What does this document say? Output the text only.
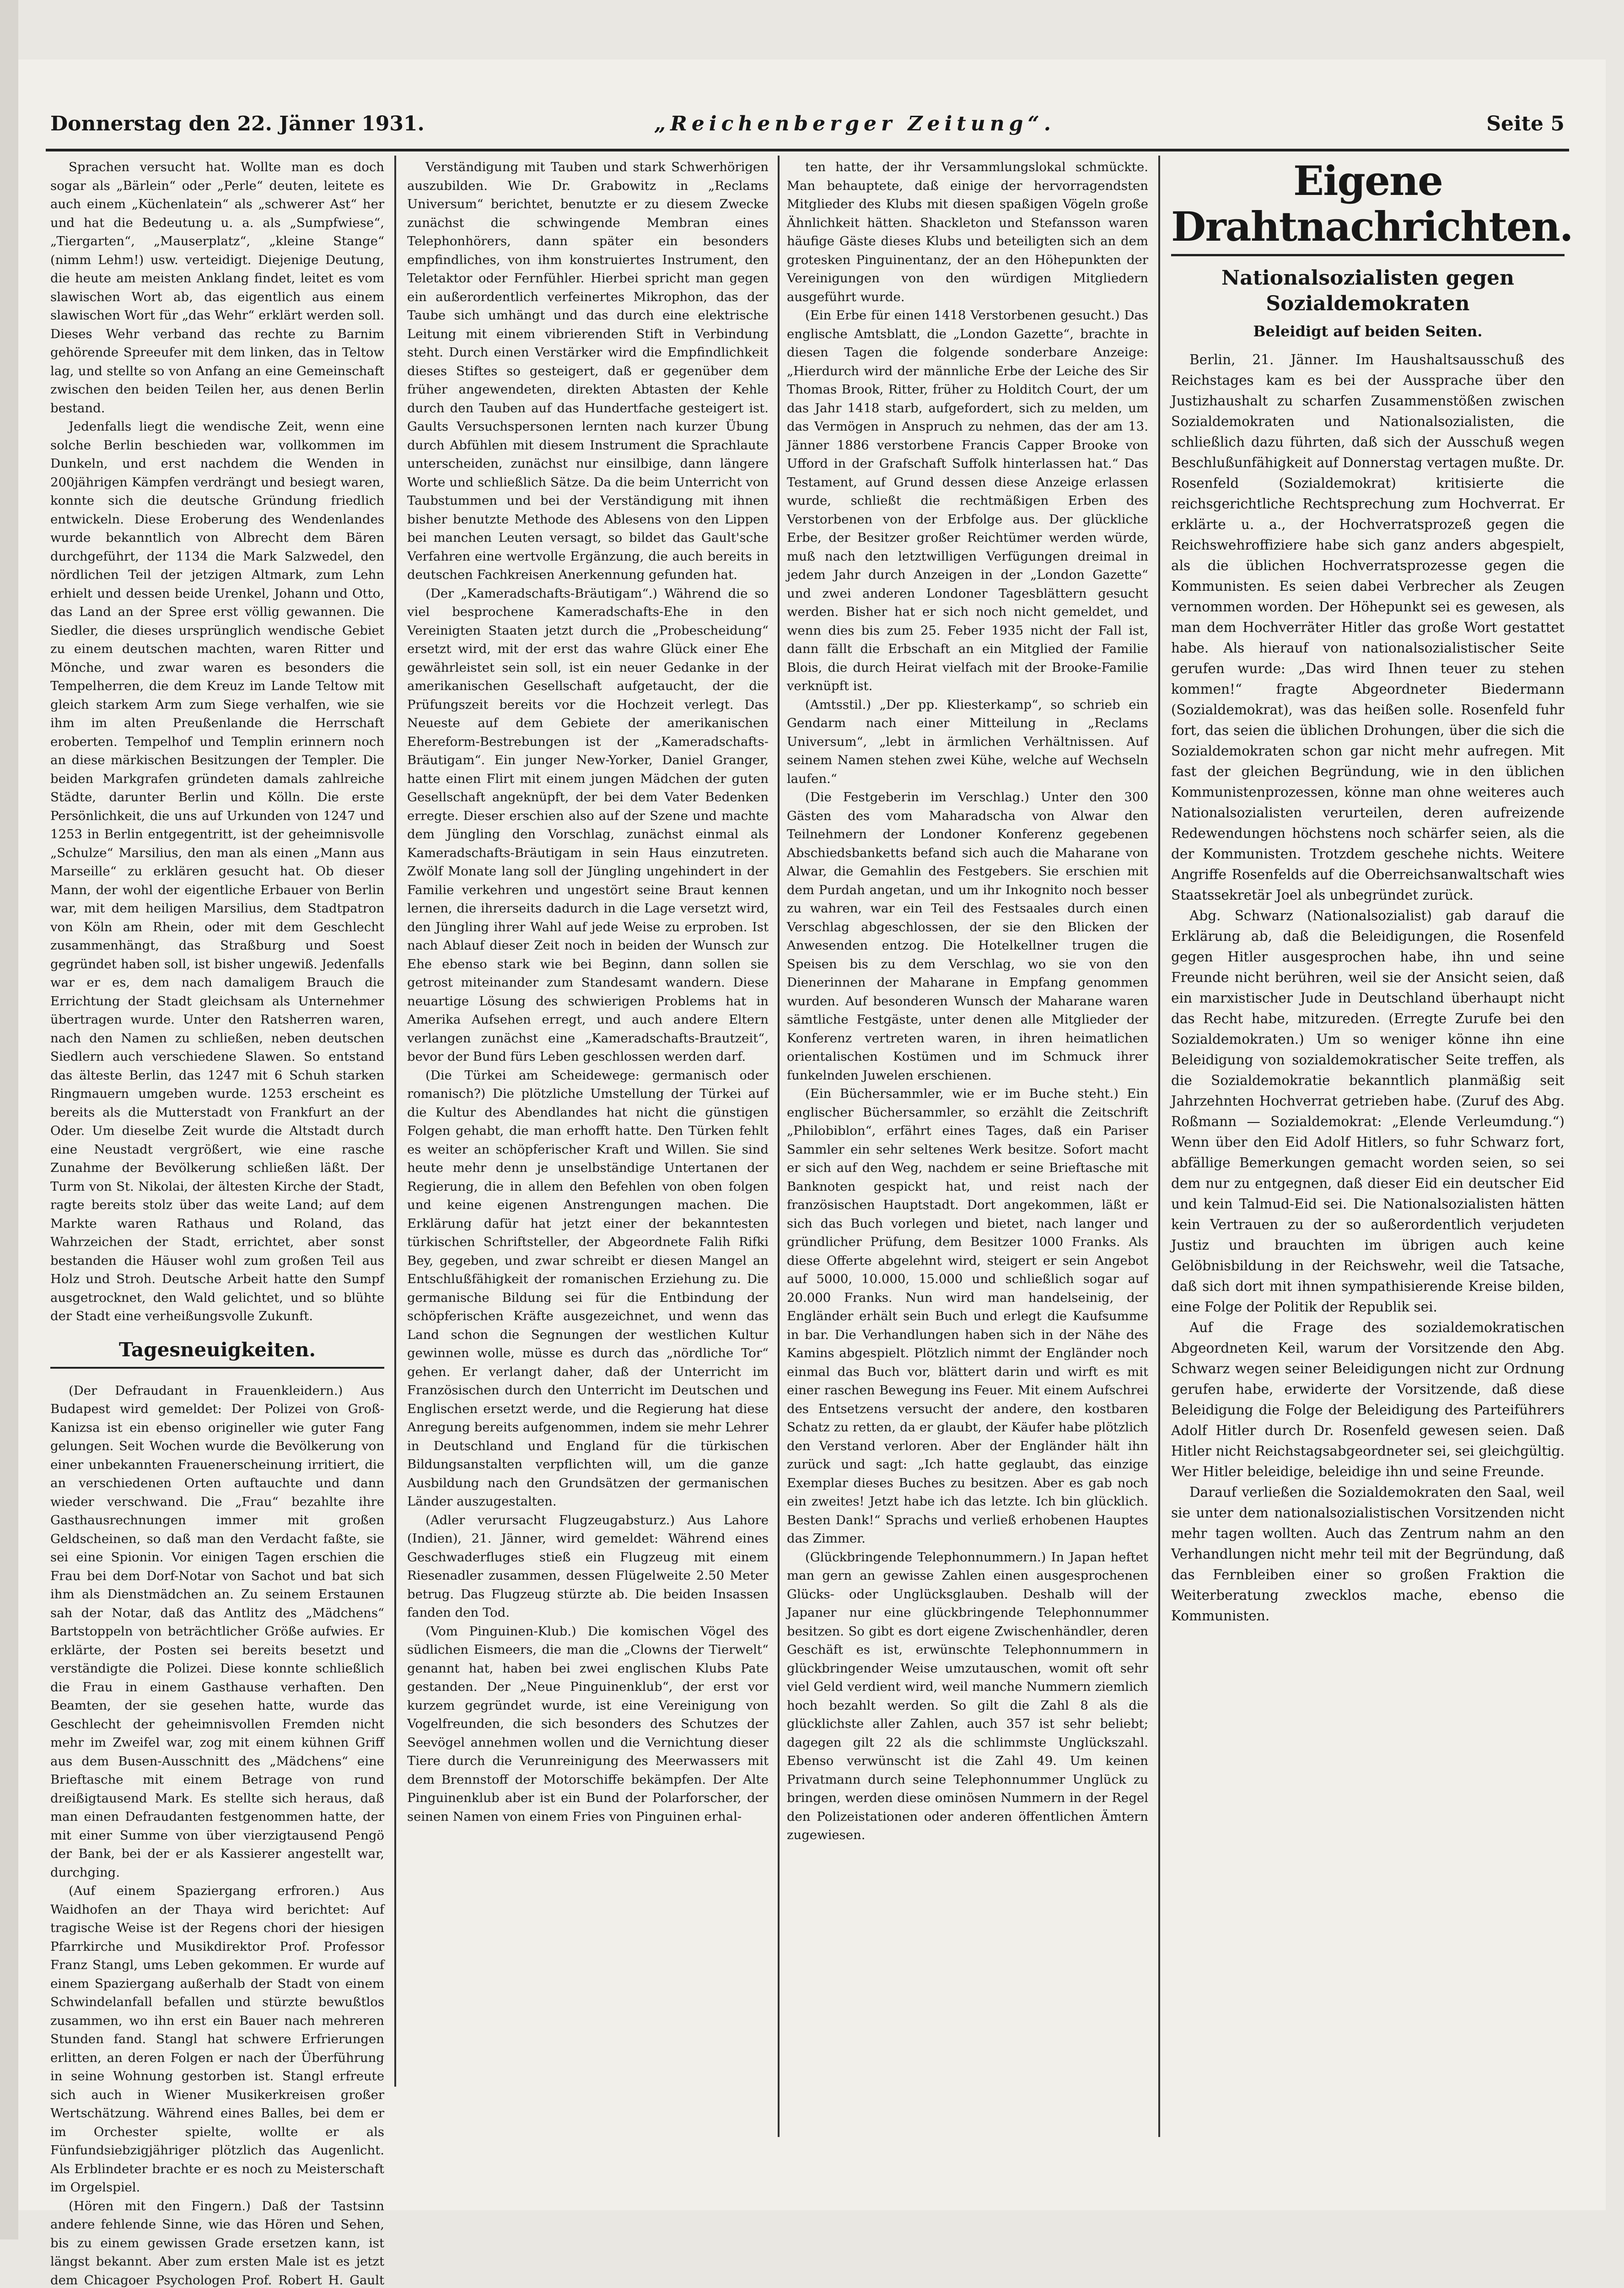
Donnerstag den 22. Jänner 1931.	„Reichenberger Zeitung“.	Seite 5

Sprachen versucht hat. Wollte man es doch sogar als „Bärlein“ oder „Perle“ deuten, leitete es auch einem „Küchenlatein“ als „schwerer Ast“ her und hat die Bedeutung u. a. als „Sumpfwiese“, „Tiergarten“, „Mauserplatz“, „kleine Stange“ (nimm Lehm!) usw. verteidigt. Diejenige Deutung, die heute am meisten Anklang findet, leitet es vom slawischen Wort ab, das eigentlich aus einem slawischen Wort für „das Wehr“ erklärt werden soll. Dieses Wehr verband das rechte zu Barnim gehörende Spreeufer mit dem linken, das in Teltow lag, und stellte so von Anfang an eine Gemeinschaft zwischen den beiden Teilen her, aus denen Berlin bestand.

Jedenfalls liegt die wendische Zeit, wenn eine solche Berlin beschieden war, vollkommen im Dunkeln, und erst nachdem die Wenden in 200jährigen Kämpfen verdrängt und besiegt waren, konnte sich die deutsche Gründung friedlich entwickeln. Diese Eroberung des Wendenlandes wurde bekanntlich von Albrecht dem Bären durchgeführt, der 1134 die Mark Salzwedel, den nördlichen Teil der jetzigen Altmark, zum Lehn erhielt und dessen beide Urenkel, Johann und Otto, das Land an der Spree erst völlig gewannen. Die Siedler, die dieses ursprünglich wendische Gebiet zu einem deutschen machten, waren Ritter und Mönche, und zwar waren es besonders die Tempelherren, die dem Kreuz im Lande Teltow mit gleich starkem Arm zum Siege verhalfen, wie sie ihm im alten Preußenlande die Herrschaft eroberten. Tempelhof und Templin erinnern noch an diese märkischen Besitzungen der Templer. Die beiden Markgrafen gründeten damals zahlreiche Städte, darunter Berlin und Kölln. Die erste Persönlichkeit, die uns auf Urkunden von 1247 und 1253 in Berlin entgegentritt, ist der geheimnisvolle „Schulze“ Marsilius, den man als einen „Mann aus Marseille“ zu erklären gesucht hat. Ob dieser Mann, der wohl der eigentliche Erbauer von Berlin war, mit dem heiligen Marsilius, dem Stadtpatron von Köln am Rhein, oder mit dem Geschlecht zusammenhängt, das Straßburg und Soest gegründet haben soll, ist bisher ungewiß. Jedenfalls war er es, dem nach damaligem Brauch die Errichtung der Stadt gleichsam als Unternehmer übertragen wurde. Unter den Ratsherren waren, nach den Namen zu schließen, neben deutschen Siedlern auch verschiedene Slawen. So entstand das älteste Berlin, das 1247 mit 6 Schuh starken Ringmauern umgeben wurde. 1253 erscheint es bereits als die Mutterstadt von Frankfurt an der Oder. Um dieselbe Zeit wurde die Altstadt durch eine Neustadt vergrößert, wie eine rasche Zunahme der Bevölkerung schließen läßt. Der Turm von St. Nikolai, der ältesten Kirche der Stadt, ragte bereits stolz über das weite Land; auf dem Markte waren Rathaus und Roland, das Wahrzeichen der Stadt, errichtet, aber sonst bestanden die Häuser wohl zum großen Teil aus Holz und Stroh. Deutsche Arbeit hatte den Sumpf ausgetrocknet, den Wald gelichtet, und so blühte der Stadt eine verheißungsvolle Zukunft.

Tagesneuigkeiten.

(Der Defraudant in Frauenkleidern.) Aus Budapest wird gemeldet: Der Polizei von Groß-Kanizsa ist ein ebenso origineller wie guter Fang gelungen. Seit Wochen wurde die Bevölkerung von einer unbekannten Frauenerscheinung irritiert, die an verschiedenen Orten auftauchte und dann wieder verschwand. Die „Frau“ bezahlte ihre Gasthausrechnungen immer mit großen Geldscheinen, so daß man den Verdacht faßte, sie sei eine Spionin. Vor einigen Tagen erschien die Frau bei dem Dorf-Notar von Sachot und bat sich ihm als Dienstmädchen an. Zu seinem Erstaunen sah der Notar, daß das Antlitz des „Mädchens“ Bartstoppeln von beträchtlicher Größe aufwies. Er erklärte, der Posten sei bereits besetzt und verständigte die Polizei. Diese konnte schließlich die Frau in einem Gasthause verhaften. Den Beamten, der sie gesehen hatte, wurde das Geschlecht der geheimnisvollen Fremden nicht mehr im Zweifel war, zog mit einem kühnen Griff aus dem Busen-Ausschnitt des „Mädchens“ eine Brieftasche mit einem Betrage von rund dreißigtausend Mark. Es stellte sich heraus, daß man einen Defraudanten festgenommen hatte, der mit einer Summe von über vierzigtausend Pengö der Bank, bei der er als Kassierer angestellt war, durchging.

(Auf einem Spaziergang erfroren.) Aus Waidhofen an der Thaya wird berichtet: Auf tragische Weise ist der Regens chori der hiesigen Pfarrkirche und Musikdirektor Prof. Professor Franz Stangl, ums Leben gekommen. Er wurde auf einem Spaziergang außerhalb der Stadt von einem Schwindelanfall befallen und stürzte bewußtlos zusammen, wo ihn erst ein Bauer nach mehreren Stunden fand. Stangl hat schwere Erfrierungen erlitten, an deren Folgen er nach der Überführung in seine Wohnung gestorben ist. Stangl erfreute sich auch in Wiener Musikerkreisen großer Wertschätzung. Während eines Balles, bei dem er im Orchester spielte, wollte er als Fünfundsiebzigjähriger plötzlich das Augenlicht. Als Erblindeter brachte er es noch zu Meisterschaft im Orgelspiel.

(Hören mit den Fingern.) Daß der Tastsinn andere fehlende Sinne, wie das Hören und Sehen, bis zu einem gewissen Grade ersetzen kann, ist längst bekannt. Aber zum ersten Male ist es jetzt dem Chicagoer Psychologen Prof. Robert H. Gault

Verständigung mit Tauben und stark Schwerhörigen auszubilden. Wie Dr. Grabowitz in „Reclams Universum“ berichtet, benutzte er zu diesem Zwecke zunächst die schwingende Membran eines Telephonhörers, dann später ein besonders empfindliches, von ihm konstruiertes Instrument, den Teletaktor oder Fernfühler. Hierbei spricht man gegen ein außerordentlich verfeinertes Mikrophon, das der Taube sich umhängt und das durch eine elektrische Leitung mit einem vibrierenden Stift in Verbindung steht. Durch einen Verstärker wird die Empfindlichkeit dieses Stiftes so gesteigert, daß er gegenüber dem früher angewendeten, direkten Abtasten der Kehle durch den Tauben auf das Hundertfache gesteigert ist. Gaults Versuchspersonen lernten nach kurzer Übung durch Abfühlen mit diesem Instrument die Sprachlaute unterscheiden, zunächst nur einsilbige, dann längere Worte und schließlich Sätze. Da die beim Unterricht von Taubstummen und bei der Verständigung mit ihnen bisher benutzte Methode des Ablesens von den Lippen bei manchen Leuten versagt, so bildet das Gault'sche Verfahren eine wertvolle Ergänzung, die auch bereits in deutschen Fachkreisen Anerkennung gefunden hat.

(Der „Kameradschafts-Bräutigam“.) Während die so viel besprochene Kameradschafts-Ehe in den Vereinigten Staaten jetzt durch die „Probescheidung“ ersetzt wird, mit der erst das wahre Glück einer Ehe gewährleistet sein soll, ist ein neuer Gedanke in der amerikanischen Gesellschaft aufgetaucht, der die Prüfungszeit bereits vor die Hochzeit verlegt. Das Neueste auf dem Gebiete der amerikanischen Ehereform-Bestrebungen ist der „Kameradschafts-Bräutigam“. Ein junger New-Yorker, Daniel Granger, hatte einen Flirt mit einem jungen Mädchen der guten Gesellschaft angeknüpft, der bei dem Vater Bedenken erregte. Dieser erschien also auf der Szene und machte dem Jüngling den Vorschlag, zunächst einmal als Kameradschafts-Bräutigam in sein Haus einzutreten. Zwölf Monate lang soll der Jüngling ungehindert in der Familie verkehren und ungestört seine Braut kennen lernen, die ihrerseits dadurch in die Lage versetzt wird, den Jüngling ihrer Wahl auf jede Weise zu erproben. Ist nach Ablauf dieser Zeit noch in beiden der Wunsch zur Ehe ebenso stark wie bei Beginn, dann sollen sie getrost miteinander zum Standesamt wandern. Diese neuartige Lösung des schwierigen Problems hat in Amerika Aufsehen erregt, und auch andere Eltern verlangen zunächst eine „Kameradschafts-Brautzeit“, bevor der Bund fürs Leben geschlossen werden darf.

(Die Türkei am Scheidewege: germanisch oder romanisch?) Die plötzliche Umstellung der Türkei auf die Kultur des Abendlandes hat nicht die günstigen Folgen gehabt, die man erhofft hatte. Den Türken fehlt es weiter an schöpferischer Kraft und Willen. Sie sind heute mehr denn je unselbständige Untertanen der Regierung, die in allem den Befehlen von oben folgen und keine eigenen Anstrengungen machen. Die Erklärung dafür hat jetzt einer der bekanntesten türkischen Schriftsteller, der Abgeordnete Falih Rifki Bey, gegeben, und zwar schreibt er diesen Mangel an Entschlußfähigkeit der romanischen Erziehung zu. Die germanische Bildung sei für die Entbindung der schöpferischen Kräfte ausgezeichnet, und wenn das Land schon die Segnungen der westlichen Kultur gewinnen wolle, müsse es durch das „nördliche Tor“ gehen. Er verlangt daher, daß der Unterricht im Französischen durch den Unterricht im Deutschen und Englischen ersetzt werde, und die Regierung hat diese Anregung bereits aufgenommen, indem sie mehr Lehrer in Deutschland und England für die türkischen Bildungsanstalten verpflichten will, um die ganze Ausbildung nach den Grundsätzen der germanischen Länder auszugestalten.

(Adler verursacht Flugzeugabsturz.) Aus Lahore (Indien), 21. Jänner, wird gemeldet: Während eines Geschwaderfluges stieß ein Flugzeug mit einem Riesenadler zusammen, dessen Flügelweite 2.50 Meter betrug. Das Flugzeug stürzte ab. Die beiden Insassen fanden den Tod.

(Vom Pinguinen-Klub.) Die komischen Vögel des südlichen Eismeers, die man die „Clowns der Tierwelt“ genannt hat, haben bei zwei englischen Klubs Pate gestanden. Der „Neue Pinguinenklub“, der erst vor kurzem gegründet wurde, ist eine Vereinigung von Vogelfreunden, die sich besonders des Schutzes der Seevögel annehmen wollen und die Vernichtung dieser Tiere durch die Verunreinigung des Meerwassers mit dem Brennstoff der Motorschiffe bekämpfen. Der Alte Pinguinenklub aber ist ein Bund der Polarforscher, der seinen Namen von einem Fries von Pinguinen erhal-

ten hatte, der ihr Versammlungslokal schmückte. Man behauptete, daß einige der hervorragendsten Mitglieder des Klubs mit diesen spaßigen Vögeln große Ähnlichkeit hätten. Shackleton und Stefansson waren häufige Gäste dieses Klubs und beteiligten sich an dem grotesken Pinguinentanz, der an den Höhepunkten der Vereinigungen von den würdigen Mitgliedern ausgeführt wurde.

(Ein Erbe für einen 1418 Verstorbenen gesucht.) Das englische Amtsblatt, die „London Gazette“, brachte in diesen Tagen die folgende sonderbare Anzeige: „Hierdurch wird der männliche Erbe der Leiche des Sir Thomas Brook, Ritter, früher zu Holditch Court, der um das Jahr 1418 starb, aufgefordert, sich zu melden, um das Vermögen in Anspruch zu nehmen, das der am 13. Jänner 1886 verstorbene Francis Capper Brooke von Ufford in der Grafschaft Suffolk hinterlassen hat.“ Das Testament, auf Grund dessen diese Anzeige erlassen wurde, schließt die rechtmäßigen Erben des Verstorbenen von der Erbfolge aus. Der glückliche Erbe, der Besitzer großer Reichtümer werden würde, muß nach den letztwilligen Verfügungen dreimal in jedem Jahr durch Anzeigen in der „London Gazette“ und zwei anderen Londoner Tagesblättern gesucht werden. Bisher hat er sich noch nicht gemeldet, und wenn dies bis zum 25. Feber 1935 nicht der Fall ist, dann fällt die Erbschaft an ein Mitglied der Familie Blois, die durch Heirat vielfach mit der Brooke-Familie verknüpft ist.

(Amtsstil.) „Der pp. Kliesterkamp“, so schrieb ein Gendarm nach einer Mitteilung in „Reclams Universum“, „lebt in ärmlichen Verhältnissen. Auf seinem Namen stehen zwei Kühe, welche auf Wechseln laufen.“

(Die Festgeberin im Verschlag.) Unter den 300 Gästen des vom Maharadscha von Alwar den Teilnehmern der Londoner Konferenz gegebenen Abschiedsbanketts befand sich auch die Maharane von Alwar, die Gemahlin des Festgebers. Sie erschien mit dem Purdah angetan, und um ihr Inkognito noch besser zu wahren, war ein Teil des Festsaales durch einen Verschlag abgeschlossen, der sie den Blicken der Anwesenden entzog. Die Hotelkellner trugen die Speisen bis zu dem Verschlag, wo sie von den Dienerinnen der Maharane in Empfang genommen wurden. Auf besonderen Wunsch der Maharane waren sämtliche Festgäste, unter denen alle Mitglieder der Konferenz vertreten waren, in ihren heimatlichen orientalischen Kostümen und im Schmuck ihrer funkelnden Juwelen erschienen.

(Ein Büchersammler, wie er im Buche steht.) Ein englischer Büchersammler, so erzählt die Zeitschrift „Philobiblon“, erfährt eines Tages, daß ein Pariser Sammler ein sehr seltenes Werk besitze. Sofort macht er sich auf den Weg, nachdem er seine Brieftasche mit Banknoten gespickt hat, und reist nach der französischen Hauptstadt. Dort angekommen, läßt er sich das Buch vorlegen und bietet, nach langer und gründlicher Prüfung, dem Besitzer 1000 Franks. Als diese Offerte abgelehnt wird, steigert er sein Angebot auf 5000, 10.000, 15.000 und schließlich sogar auf 20.000 Franks. Nun wird man handelseinig, der Engländer erhält sein Buch und erlegt die Kaufsumme in bar. Die Verhandlungen haben sich in der Nähe des Kamins abgespielt. Plötzlich nimmt der Engländer noch einmal das Buch vor, blättert darin und wirft es mit einer raschen Bewegung ins Feuer. Mit einem Aufschrei des Entsetzens versucht der andere, den kostbaren Schatz zu retten, da er glaubt, der Käufer habe plötzlich den Verstand verloren. Aber der Engländer hält ihn zurück und sagt: „Ich hatte geglaubt, das einzige Exemplar dieses Buches zu besitzen. Aber es gab noch ein zweites! Jetzt habe ich das letzte. Ich bin glücklich. Besten Dank!“ Sprachs und verließ erhobenen Hauptes das Zimmer.

(Glückbringende Telephonnummern.) In Japan heftet man gern an gewisse Zahlen einen ausgesprochenen Glücks- oder Unglücksglauben. Deshalb will der Japaner nur eine glückbringende Telephonnummer besitzen. So gibt es dort eigene Zwischenhändler, deren Geschäft es ist, erwünschte Telephonnummern in glückbringender Weise umzutauschen, womit oft sehr viel Geld verdient wird, weil manche Nummern ziemlich hoch bezahlt werden. So gilt die Zahl 8 als die glücklichste aller Zahlen, auch 357 ist sehr beliebt; dagegen gilt 22 als die schlimmste Unglückszahl. Ebenso verwünscht ist die Zahl 49. Um keinen Privatmann durch seine Telephonnummer Unglück zu bringen, werden diese ominösen Nummern in der Regel den Polizeistationen oder anderen öffentlichen Ämtern zugewiesen.

Eigene Drahtnachrichten.
Nationalsozialisten gegen Sozialdemokraten
Beleidigt auf beiden Seiten.

Berlin, 21. Jänner. Im Haushaltsausschuß des Reichstages kam es bei der Aussprache über den Justizhaushalt zu scharfen Zusammenstößen zwischen Sozialdemokraten und Nationalsozialisten, die schließlich dazu führten, daß sich der Ausschuß wegen Beschlußunfähigkeit auf Donnerstag vertagen mußte. Dr. Rosenfeld (Sozialdemokrat) kritisierte die reichsgerichtliche Rechtsprechung zum Hochverrat. Er erklärte u. a., der Hochverratsprozeß gegen die Reichswehroffiziere habe sich ganz anders abgespielt, als die üblichen Hochverratsprozesse gegen die Kommunisten. Es seien dabei Verbrecher als Zeugen vernommen worden. Der Höhepunkt sei es gewesen, als man dem Hochverräter Hitler das große Wort gestattet habe. Als hierauf von nationalsozialistischer Seite gerufen wurde: „Das wird Ihnen teuer zu stehen kommen!“ fragte Abgeordneter Biedermann (Sozialdemokrat), was das heißen solle. Rosenfeld fuhr fort, das seien die üblichen Drohungen, über die sich die Sozialdemokraten schon gar nicht mehr aufregen. Mit fast der gleichen Begründung, wie in den üblichen Kommunistenprozessen, könne man ohne weiteres auch Nationalsozialisten verurteilen, deren aufreizende Redewendungen höchstens noch schärfer seien, als die der Kommunisten. Trotzdem geschehe nichts. Weitere Angriffe Rosenfelds auf die Oberreichsanwaltschaft wies Staatssekretär Joel als unbegründet zurück.

Abg. Schwarz (Nationalsozialist) gab darauf die Erklärung ab, daß die Beleidigungen, die Rosenfeld gegen Hitler ausgesprochen habe, ihn und seine Freunde nicht berühren, weil sie der Ansicht seien, daß ein marxistischer Jude in Deutschland überhaupt nicht das Recht habe, mitzureden. (Erregte Zurufe bei den Sozialdemokraten.) Um so weniger könne ihn eine Beleidigung von sozialdemokratischer Seite treffen, als die Sozialdemokratie bekanntlich planmäßig seit Jahrzehnten Hochverrat getrieben habe. (Zuruf des Abg. Roßmann — Sozialdemokrat: „Elende Verleumdung.“) Wenn über den Eid Adolf Hitlers, so fuhr Schwarz fort, abfällige Bemerkungen gemacht worden seien, so sei dem nur zu entgegnen, daß dieser Eid ein deutscher Eid und kein Talmud-Eid sei. Die Nationalsozialisten hätten kein Vertrauen zu der so außerordentlich verjudeten Justiz und brauchten im übrigen auch keine Gelöbnisbildung in der Reichswehr, weil die Tatsache, daß sich dort mit ihnen sympathisierende Kreise bilden, eine Folge der Politik der Republik sei.

Auf die Frage des sozialdemokratischen Abgeordneten Keil, warum der Vorsitzende den Abg. Schwarz wegen seiner Beleidigungen nicht zur Ordnung gerufen habe, erwiderte der Vorsitzende, daß diese Beleidigung die Folge der Beleidigung des Parteiführers Adolf Hitler durch Dr. Rosenfeld gewesen seien. Daß Hitler nicht Reichstagsabgeordneter sei, sei gleichgültig. Wer Hitler beleidige, beleidige ihn und seine Freunde.

Darauf verließen die Sozialdemokraten den Saal, weil sie unter dem nationalsozialistischen Vorsitzenden nicht mehr tagen wollten. Auch das Zentrum nahm an den Verhandlungen nicht mehr teil mit der Begründung, daß das Fernbleiben einer so großen Fraktion die Weiterberatung zwecklos mache, ebenso die Kommunisten.
